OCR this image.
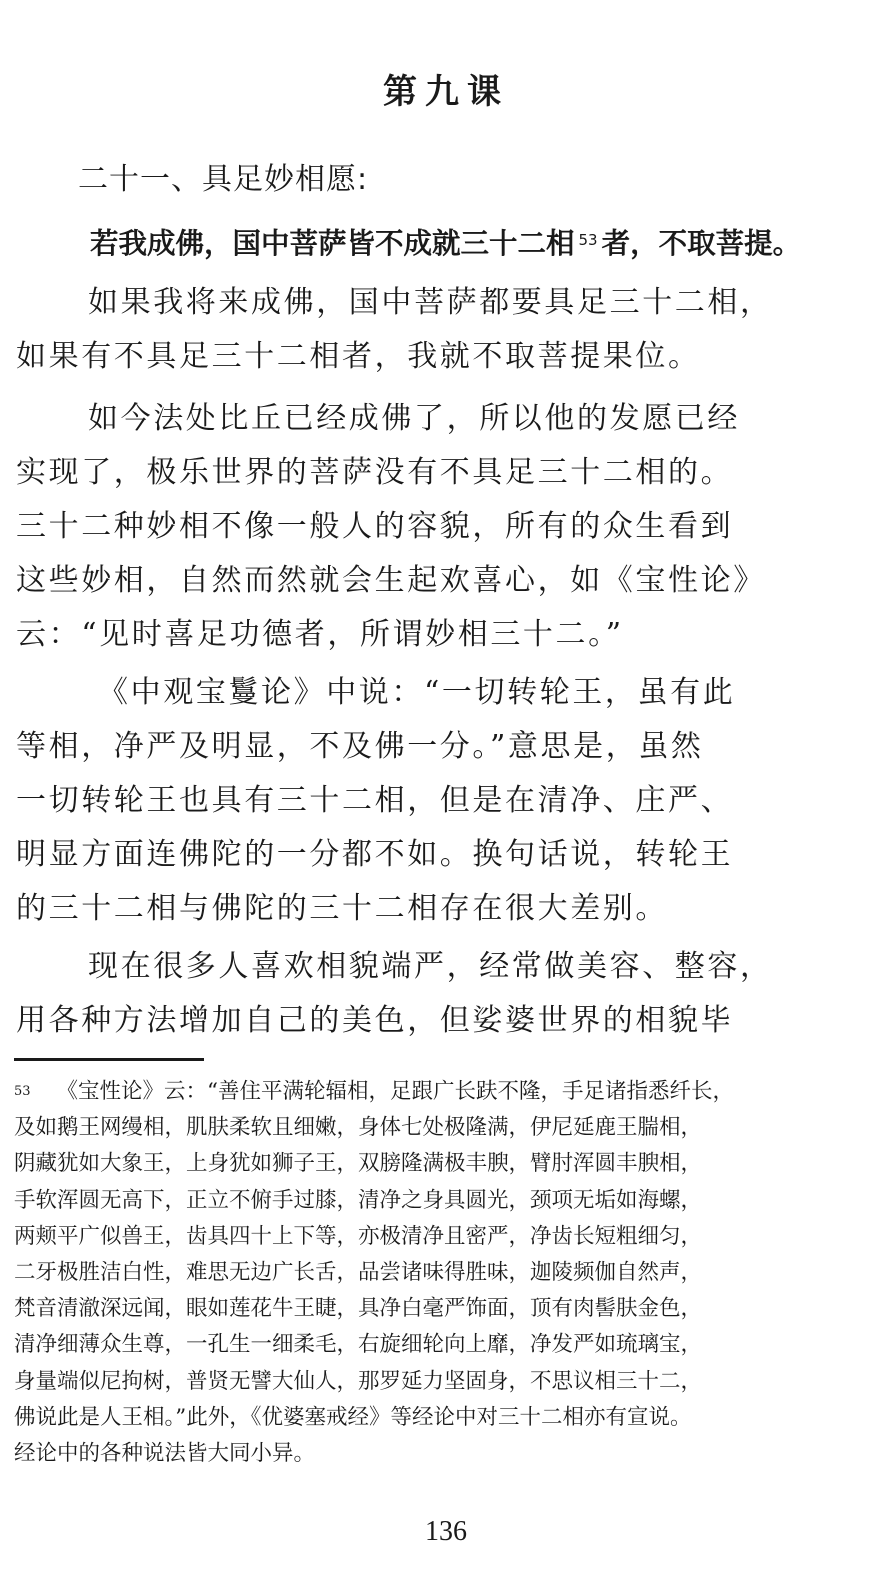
第九课
二十一、具足妙相愿:
若我成佛，国中菩萨皆不成就三十二相 $^{53}$ 者，不取菩提。
如果我将来成佛，国中菩萨都要具足三十二相，
如果有不具足三十二相者，我就不取菩提果位。
如今法处比丘已经成佛了，所以他的发愿已经
实现了，极乐世界的菩萨没有不具足三十二相的。
三十二种妙相不像一般人的容貌，所有的众生看到
这些妙相，自然而然就会生起欢喜心，如《宝性论》
云：“见时喜足功德者，所谓妙相三十二。”
《中观宝鬘论》中说：“一切转轮王，虽有此
等相，净严及明显，不及佛一分。”意思是，虽然
一切转轮王也具有三十二相，但是在清净、庄严、
明显方面连佛陀的一分都不如。换句话说，转轮王
的三十二相与佛陀的三十二相存在很大差别。
现在很多人喜欢相貌端严，经常做美容、整容，
用各种方法增加自己的美色，但娑婆世界的相貌毕
$^{53}$ 《宝性论》云：“善住平满轮辐相，足跟广长趺不隆，手足诸指悉纤长，
及如鹅王网缦相，肌肤柔软且细嫩，身体七处极隆满，伊尼延鹿王腨相，
阴藏犹如大象王，上身犹如狮子王，双膀隆满极丰腴，臂肘浑圆丰腴相，
手软浑圆无高下，正立不俯手过膝，清净之身具圆光，颈项无垢如海螺，
两颊平广似兽王，齿具四十上下等，亦极清净且密严，净齿长短粗细匀，
二牙极胜洁白性，难思无边广长舌，品尝诸味得胜味，迦陵频伽自然声，
梵音清澈深远闻，眼如莲花牛王睫，具净白毫严饰面，顶有肉髻肤金色，
清净细薄众生尊，一孔生一细柔毛，右旋细轮向上靡，净发严如琉璃宝，
身量端似尼拘树，普贤无譬大仙人，那罗延力坚固身，不思议相三十二，
佛说此是人王相。”此外，《优婆塞戒经》等经论中对三十二相亦有宣说。
经论中的各种说法皆大同小异。
136
